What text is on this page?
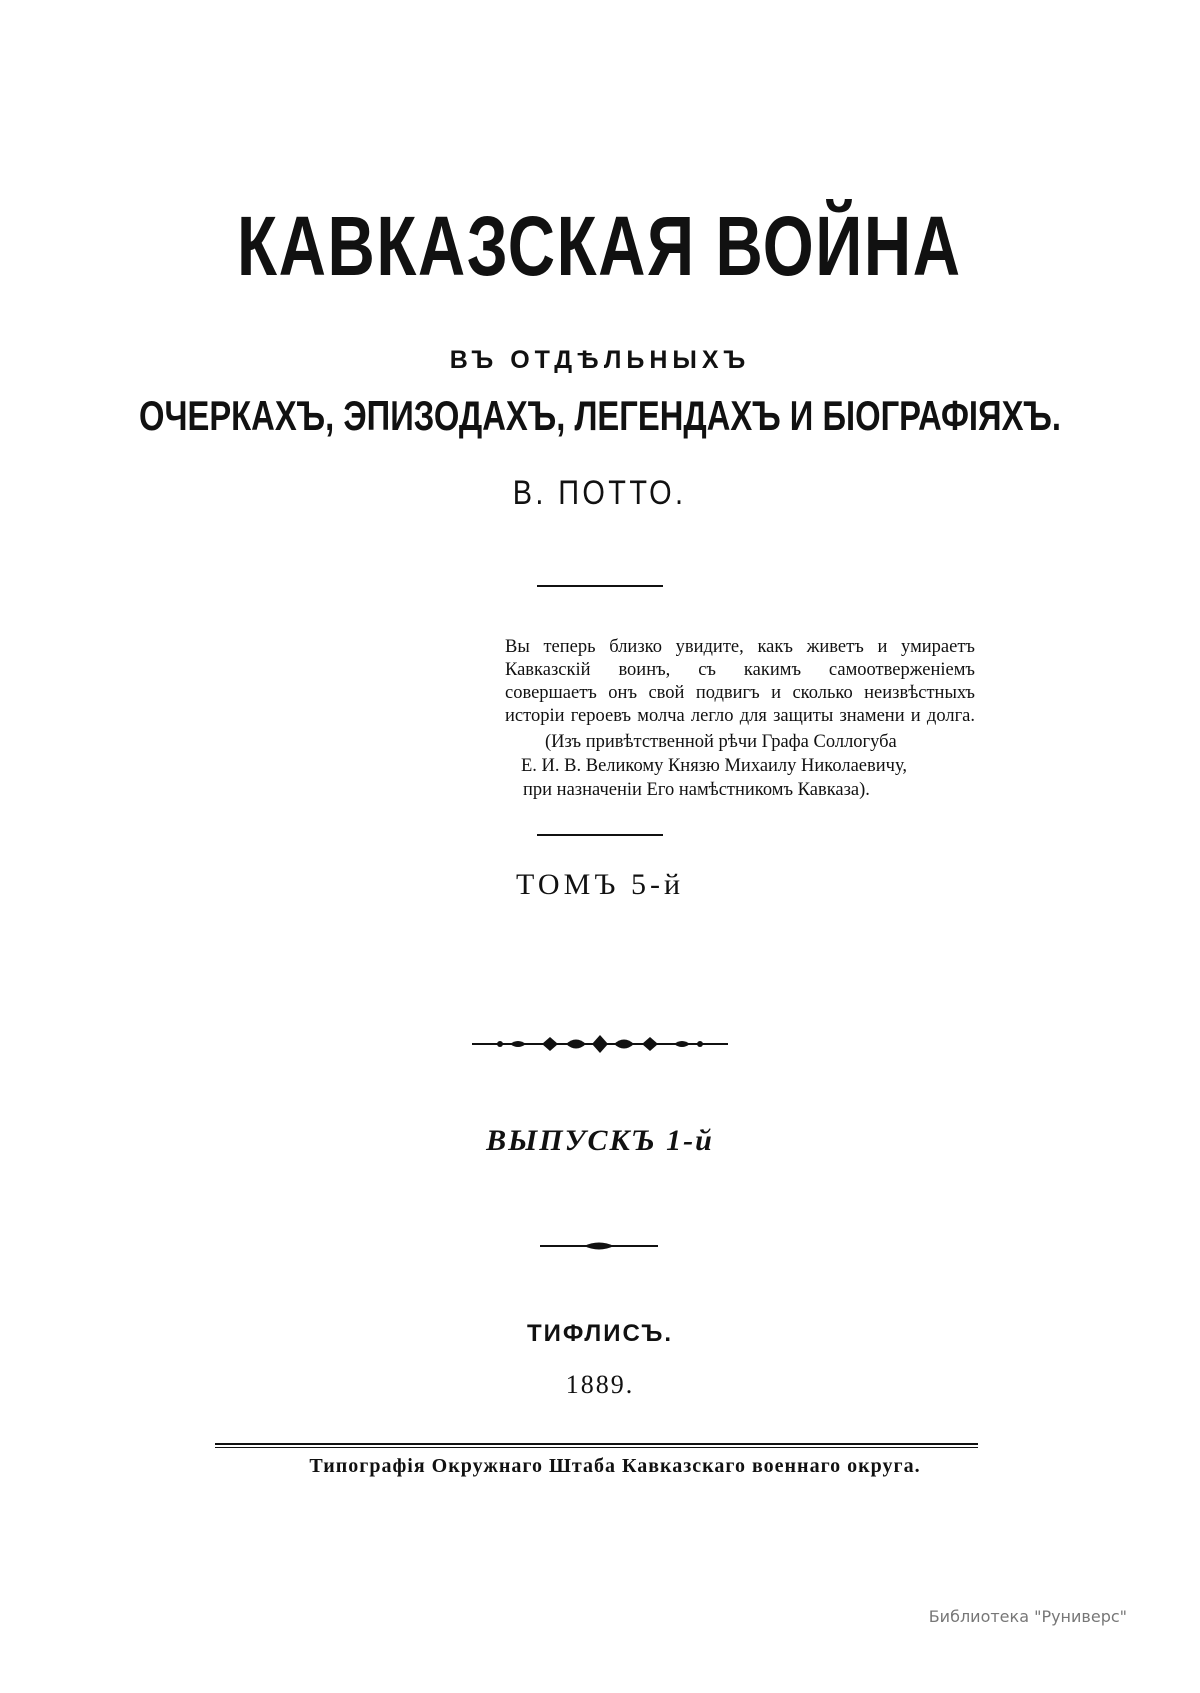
КАВКАЗСКАЯ ВОЙНА
ВЪ ОТДѢЛЬНЫХЪ
ОЧЕРКАХЪ, ЭПИЗОДАХЪ, ЛЕГЕНДАХЪ И БІОГРАФІЯХЪ.
В. ПОТТО.

Вы теперь близко увидите, какъ живетъ и умираетъ Кавказскій воинъ, съ какимъ самоотверженіемъ совершаетъ онъ свой подвигъ и сколько неизвѣстныхъ исторіи героевъ молча легло для защиты знамени и долга.

(Изъ привѣтственной рѣчи Графа Соллогуба
Е. И. В. Великому Князю Михаилу Николаевичу,
при назначеніи Его намѣстникомъ Кавказа).
ТОМЪ 5-й
ВЫПУСКЪ 1-й
ТИФЛИСЪ.
1889.
Типографія Окружнаго Штаба Кавказскаго военнаго округа.
Библиотека "Руниверс"
